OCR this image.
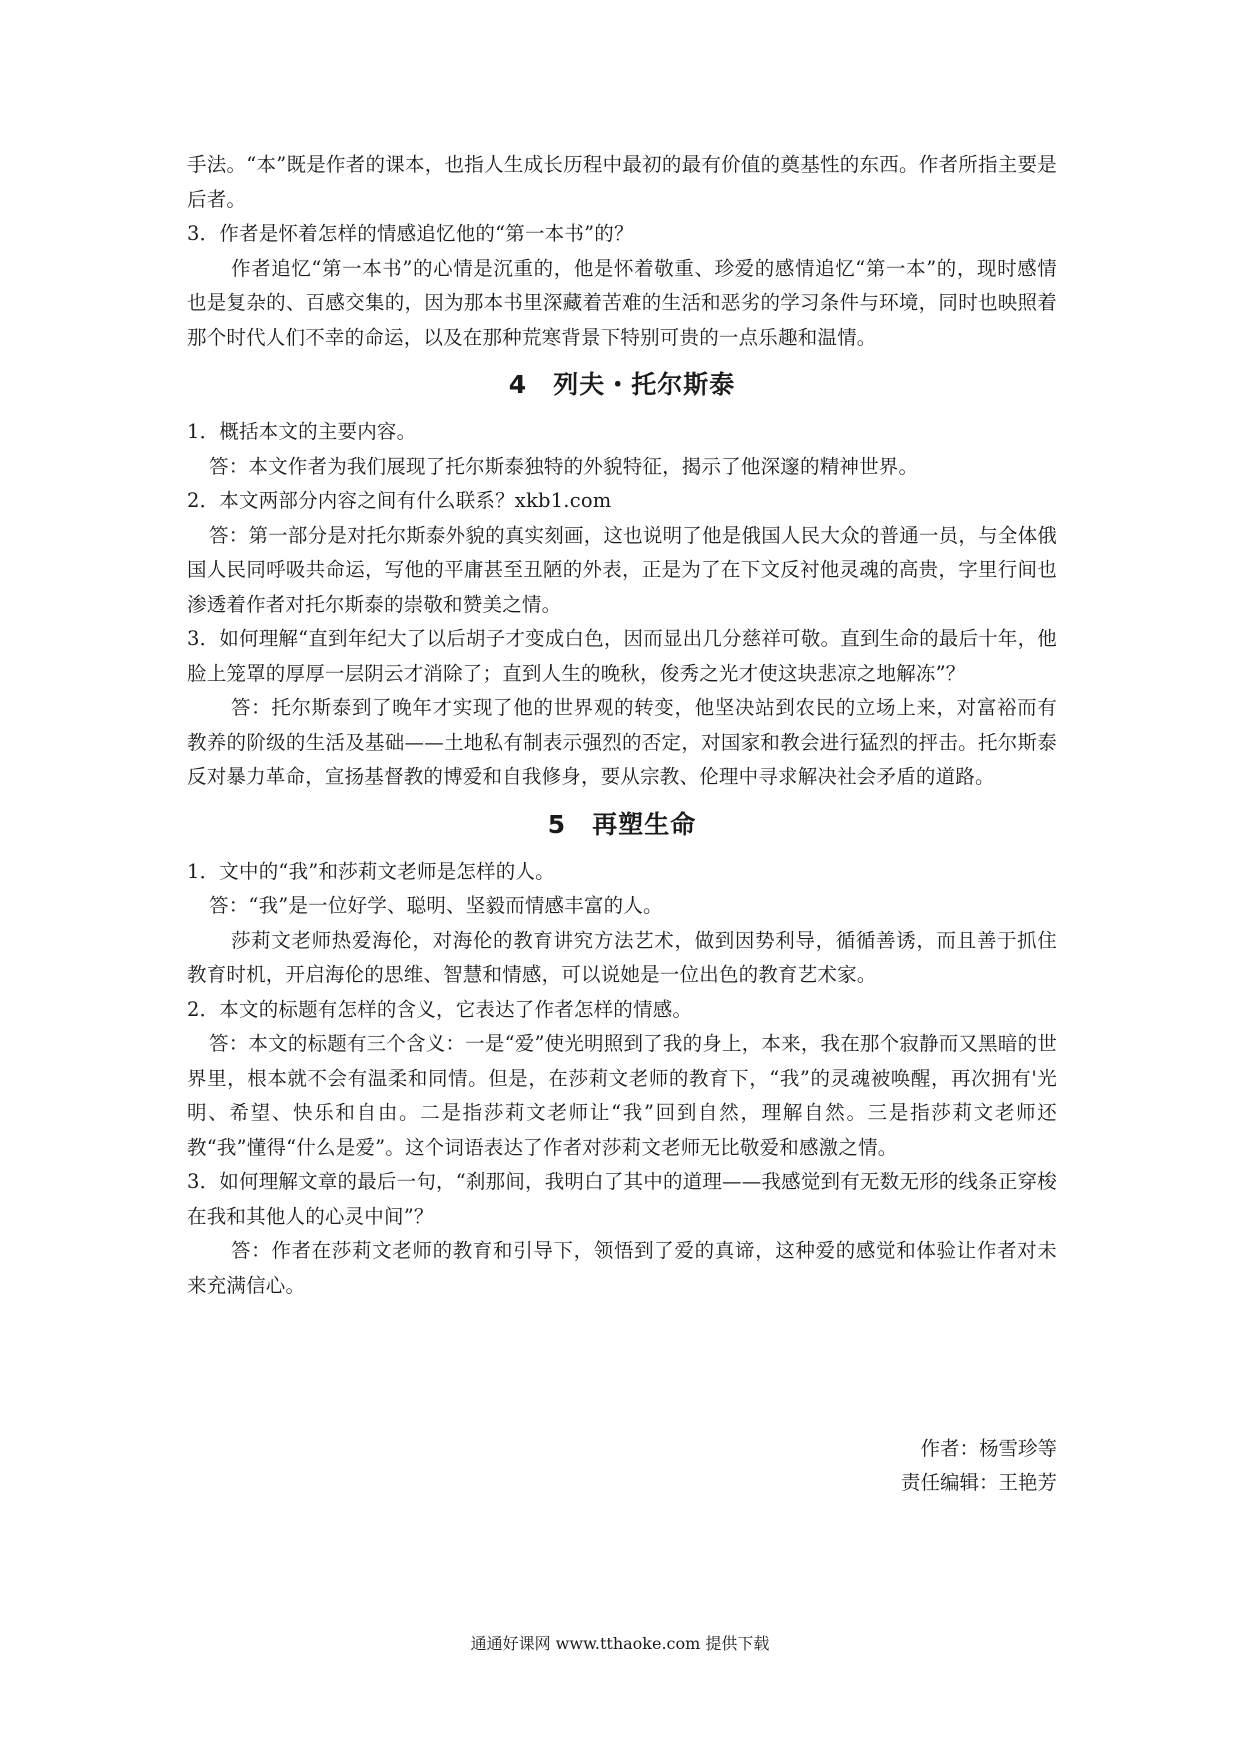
手法。“本”既是作者的课本，也指人生成长历程中最初的最有价值的奠基性的东西。作者所指主要是后者。

3．作者是怀着怎样的情感追忆他的“第一本书”的？

作者追忆“第一本书”的心情是沉重的，他是怀着敬重、珍爱的感情追忆“第一本”的，现时感情也是复杂的、百感交集的，因为那本书里深藏着苦难的生活和恶劣的学习条件与环境，同时也映照着那个时代人们不幸的命运，以及在那种荒寒背景下特别可贵的一点乐趣和温情。

4 列夫・托尔斯泰

1．概括本文的主要内容。

答：本文作者为我们展现了托尔斯泰独特的外貌特征，揭示了他深邃的精神世界。

2．本文两部分内容之间有什么联系？xkb1.com

答：第一部分是对托尔斯泰外貌的真实刻画，这也说明了他是俄国人民大众的普通一员，与全体俄国人民同呼吸共命运，写他的平庸甚至丑陋的外表，正是为了在下文反衬他灵魂的高贵，字里行间也渗透着作者对托尔斯泰的崇敬和赞美之情。

3．如何理解“直到年纪大了以后胡子才变成白色，因而显出几分慈祥可敬。直到生命的最后十年，他脸上笼罩的厚厚一层阴云才消除了；直到人生的晚秋，俊秀之光才使这块悲凉之地解冻”？

答：托尔斯泰到了晚年才实现了他的世界观的转变，他坚决站到农民的立场上来，对富裕而有教养的阶级的生活及基础——土地私有制表示强烈的否定，对国家和教会进行猛烈的抨击。托尔斯泰反对暴力革命，宣扬基督教的博爱和自我修身，要从宗教、伦理中寻求解决社会矛盾的道路。

5 再塑生命

1．文中的“我”和莎莉文老师是怎样的人。

答：“我”是一位好学、聪明、坚毅而情感丰富的人。

莎莉文老师热爱海伦，对海伦的教育讲究方法艺术，做到因势利导，循循善诱，而且善于抓住教育时机，开启海伦的思维、智慧和情感，可以说她是一位出色的教育艺术家。

2．本文的标题有怎样的含义，它表达了作者怎样的情感。

答：本文的标题有三个含义：一是“爱”使光明照到了我的身上，本来，我在那个寂静而又黑暗的世界里，根本就不会有温柔和同情。但是，在莎莉文老师的教育下，“我”的灵魂被唤醒，再次拥有'光明、希望、快乐和自由。二是指莎莉文老师让“我”回到自然，理解自然。三是指莎莉文老师还教“我”懂得“什么是爱”。这个词语表达了作者对莎莉文老师无比敬爱和感激之情。

3．如何理解文章的最后一句，“刹那间，我明白了其中的道理——我感觉到有无数无形的线条正穿梭在我和其他人的心灵中间”？

答：作者在莎莉文老师的教育和引导下，领悟到了爱的真谛，这种爱的感觉和体验让作者对未来充满信心。

作者：杨雪珍等
责任编辑：王艳芳
通通好课网 www.tthaoke.com 提供下载
